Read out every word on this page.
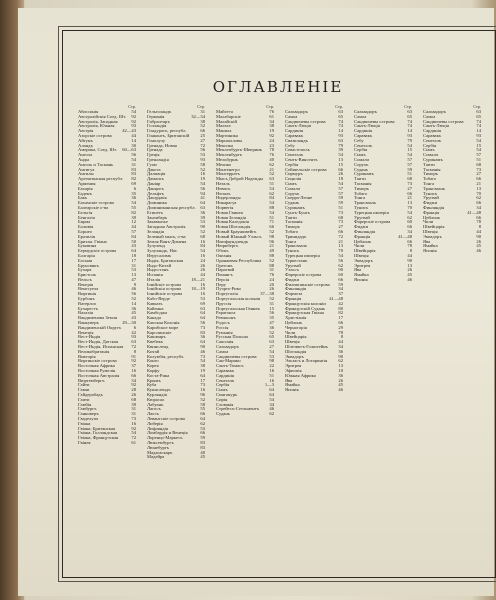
ОГЛАВЛЕНIЕ
Стр.
Абиссинія	54
Австралійскія Соед. Шт.	92
Австралія, Западная	92
Австралія, Южная	93
Австрія	42—43
Азорскіе острова	44
Айгунъ	14
Аландъ	30
Америка, Соед. Шт.	60—63
Ангола	56
Анды	54
Анголь и Тасмань	31
Антигуа	83
Антилы	83
Аргентинская республ.	82
Армения	69
Бахарія	6
Баденъ	35
Бакъ	36
Бахамскіе острова	54
Балеарскіе о-ва	55
Бельгія	82
Бенгалія	39
Бирма	12
Боливія	44
Борнео	57
Бразилія	84
Британ. Гвіана	50
Буковина	43
Бермудскіе острова	64
Болгарія	18
Босния	17
Брунсвикъ	31
Бухара	53
Бристоль	13
Вельсъ	47
Венгрія	9
Венесуела	46
Виргинія	56
Бурбонъ	52
Ватерлоо	14
Бухарестъ	36
Валахія	45
Вандименова Земля	43
Ванкуверъ	29—30
Вандименскій Округъ	6
Венеція	42
Вест-Индія	93
Вест-Индія, Датская	63
Вест-Индія, Испанская	72
Великобританія	8
Викторія	91
Виргинскіе острова	92
Восточная Африка	37
Восточная Румелія	16
Восточная Австралія	66
Вюртембергъ	34
Гайти	92
Гаваи	28
Гайдерабадъ	26
Гаити	68
Гамбія	39
Гамбургъ	31
Ганноверъ	31
Гваделупа	73
Гвіана	16
Гвіана, Британская	92
Гвіана, Голландская	54
Гвіана, Французская	72
Гвінея	61
Стр.
Гельголандъ	31
Германія	32—34
Гибралтаръ	38
Голландія	52
Гондурасъ, республ.	66
Гонконгъ, Британскій	25
Гонолулу	27
Гренада, Новая	72
Гренада	56
Греція	53
Гренландія	93
Гуам	58
Дакота	52
Далмація	16
Дамаскъ	19
Даніяр	54
Данцигъ	56
Дельфтъ	94
Джорджія	41
Доминика	64
Доминиканская республ.	63
Египетъ	36
Занзибаръ	39
Закавказье	53
Западная Австралія	90
Зеландія	52
Зеленый мысъ, о-ва	68
Земля Ванъ-Димена	16
Зулуленд	84
Зулуландъ, Нат.	54
Иерусалимъ	16
Индія, Британская	24
Индо-Китай	26
Индостанъ	26
Испанія	44
Италія	18—21
Іонійскіе острова	16
Іонійскія острова	18—19
Іонийскіе острова	16
Кабо-Верде	53
Кавказъ	69
Кайенна	63
Камбоджа	64
Канада	64
Капская Колонія	56
Карибское море	73
Каролинскіе	83
Кашмиръ	36
Квебекъ	64
Квинсленд	90
Китай	46
Колумбія, республ.	73
Конго	54
Корея	38
Корфу	19
Коста-Рика	64
Крымъ	17
Куба	73
Куинслендъ	16
Курляндія	96
Кюрасао	52
Лабуанъ	58
Лагосъ	55
Лаосъ	66
Левантскіе острова	64
Либерія	62
Лифляндія	53
Ломбардія и Венеція	66
Лоренцо-Маркесъ	59
Люксембургъ	83
Люнебургъ	83
Мадагаскаръ	40
Мадейра	45
Стр.
Майотта	76
Малабарскіе	61
Малайскій	34
Мальта	38
Манила	19
Мартиника	92
Маршалловы	24
Мексика	23
Меклепбургъ-Шверинъ	78
Мекленбургъ	76
Мельбурнъ	40
Мехико	62
Монтенегро	21
Монсерратъ	52
Мысъ Доброй Надежды	63
Наталь	51
Невисъ	54
Непалъ	62
Нидерланды	84
Никарагуа	54
Норвегія	88
Новая Гвинея	54
Новая Зеландія	51
Новая Каледонія	71
Новая Шотландія	66
Новый Брауншвейгъ	52
Новый Южный Уэльсъ	98
Ньюфаундлендъ	96
Нюрнбергъ	21
Обокъ	49
Океанія	88
Оранжевая Республика	52
Орегонъ	88
Парагвай	31
Пенангъ	76
Персія	24
Перу	20
Пуэрто-Рико	26
Португалія	37—38
Португальскія колоніи	52
Пруссія	31
Португальская Гвинея	15
Раратонга	56
Реюньонъ	35
Родосъ	47
Россія	36
Румынія	52
Русская Польша	65
Саксонія	63
Сальвадоръ	27
Самоа	54
Сандвичевы острова	53
Сан-Марино	98
Сантъ-Томасъ	22
Саравакъ	16
Сардинія	51
Сенегалъ	16
Сербія	1—3
Сіамъ	64
Сингапуръ	64
Сирія	54
Словакія	34
Стрейтсъ-Сетльментъ	46
Судань	62
Стр.
Сальвадоръ	63
Самоа	65
Сандвичевы острова	74
Сантъ-Люція	74
Сардинія	14
Саравакъ	93
Свазиландъ	63
Себу	79
Севастополь	39
Сенегалъ	54
Сентъ-Винсентъ	13
Сербія	15
Сейшельскіе острова	66
Сирмуръ	26
Сицилія	18
Сіамъ	54
Сомали	57
Сорухъ	57
Сьерра-Леоне	59
Суданъ	59
Суринамъ	51
Сунгъ-Бунгъ	73
Таити	68
Тасманія	73
Тиморъ	27
Тобаго	66
Тринидадъ	72
Тонга	21
Трансвааль	13
Тунисъ	70
Турецкая имперія	54
Туркестанъ	56
Уругвай	62
Уэльсъ	90
Фарерскіе острова	60
Фиджи	66
Филиппинскіе острова	59
Финляндія	34
Формоза	37
Франція	41—48
Французскія колоніи	42
Французскій Судань	80
Французская Гвіана	82
Христіанія	17
Цейлонъ	66
Черногорія	29
Чили	78
Швейцарія	8
Швеція	44
Шлезвигъ-Голштейнъ	34
Шотландія	36
Эквадоръ	90
Эльзасъ и Лотарингія	62
Эритрея	13
Эфиопія	10
Южная Африка	36
Ява	26
Ямайка	45
Японія	46
Стр.
Сальвадоръ	63
Самоа	65
Сандвичевы острова	74
Сантъ-Люція	74
Сардинія	14
Саравакъ	93
Себу	79
Сенегалъ	54
Сербія	15
Сіамъ	54
Сомали	57
Сорухъ	57
Судань	59
Суринамъ	51
Таити	68
Тасманія	73
Тиморъ	27
Тобаго	66
Тонга	21
Трансвааль	13
Тунисъ	70
Турецкая имперія	54
Уругвай	62
Фарерскіе острова	60
Фиджи	66
Финляндія	34
Франція	41—48
Цейлонъ	66
Чили	78
Швейцарія	8
Швеція	44
Эквадоръ	90
Эритрея	13
Ява	26
Ямайка	45
Японія	46
Стр.
Сальвадоръ	63
Самоа	65
Сандвичевы острова	74
Сантъ-Люція	74
Сардинія	14
Саравакъ	93
Сенегалъ	54
Сербія	15
Сіамъ	54
Сомали	57
Суринамъ	51
Таити	68
Тасманія	73
Тиморъ	27
Тобаго	66
Тонга	21
Трансвааль	13
Тунисъ	70
Уругвай	62
Фиджи	66
Финляндія	34
Франція	41—48
Цейлонъ	66
Чили	78
Швейцарія	8
Швеція	44
Эквадоръ	90
Ява	26
Ямайка	45
Японія	46
